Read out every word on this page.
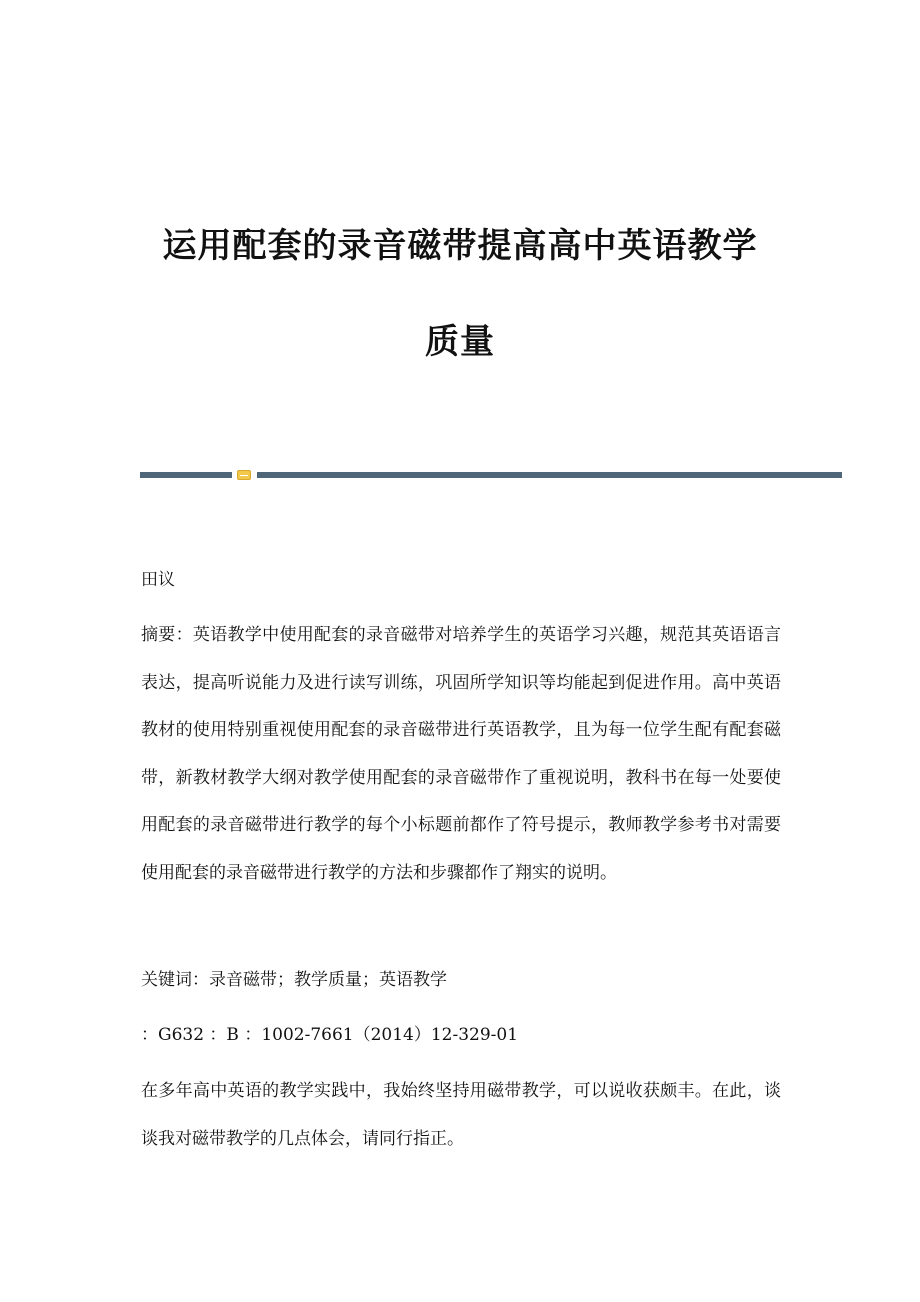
运用配套的录音磁带提高高中英语教学
质量

田议

摘要：英语教学中使用配套的录音磁带对培养学生的英语学习兴趣，规范其英语语言表达，提高听说能力及进行读写训练，巩固所学知识等均能起到促进作用。高中英语教材的使用特别重视使用配套的录音磁带进行英语教学，且为每一位学生配有配套磁带，新教材教学大纲对教学使用配套的录音磁带作了重视说明，教科书在每一处要使用配套的录音磁带进行教学的每个小标题前都作了符号提示，教师教学参考书对需要使用配套的录音磁带进行教学的方法和步骤都作了翔实的说明。

关键词：录音磁带；教学质量；英语教学

：G632 ：B ：1002-7661（2014）12-329-01

在多年高中英语的教学实践中，我始终坚持用磁带教学，可以说收获颇丰。在此，谈谈我对磁带教学的几点体会，请同行指正。
